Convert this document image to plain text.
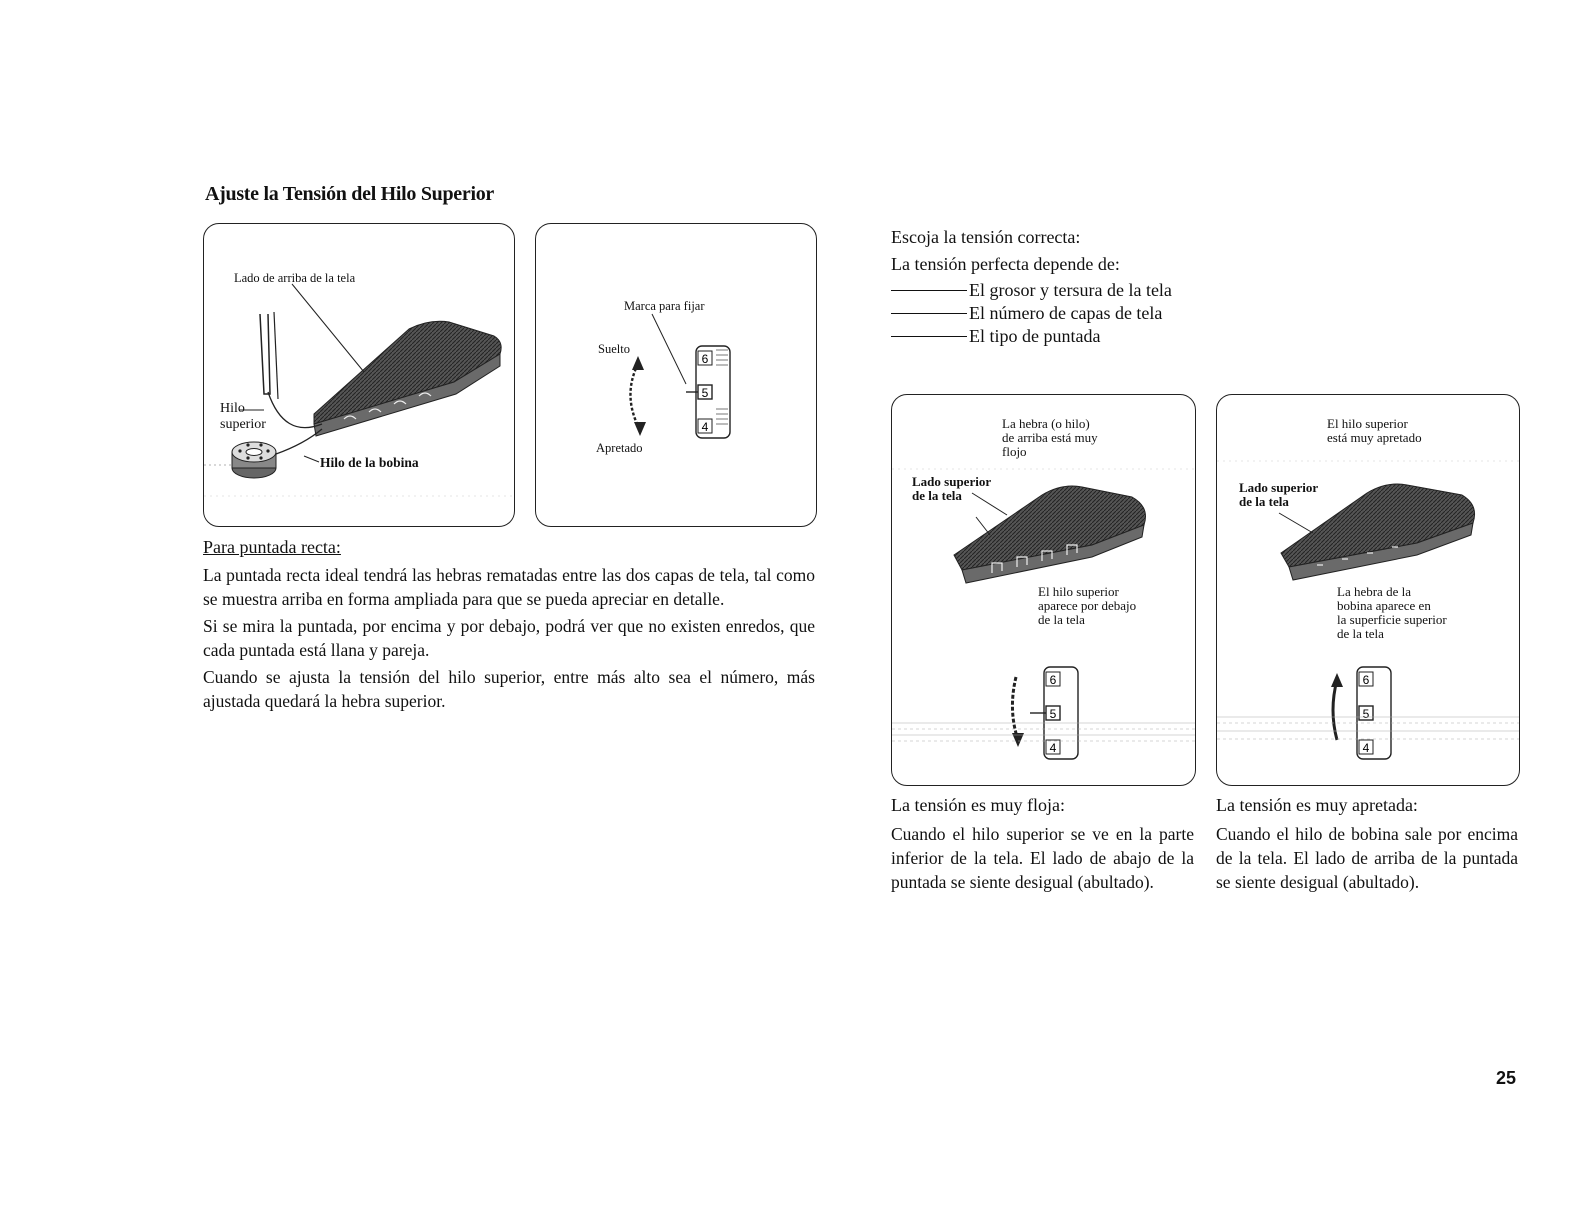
Ajuste la Tensión del Hilo Superior
Lado de arriba de la tela
Hilo
superior
Hilo de la bobina
6
5
4
Marca para fijar
Suelto
Apretado
Para puntada recta:

La puntada recta ideal tendrá las hebras rematadas entre las dos capas de tela, tal como se muestra arriba en forma ampliada para que se pueda apreciar en detalle.

Si se mira la puntada, por encima y por debajo, podrá ver que no existen enredos, que cada puntada está llana y pareja.

Cuando se ajusta la tensión del hilo superior, entre más alto sea el número, más ajustada quedará la hebra superior.

Escoja la tensión correcta:
La tensión perfecta depende de:
El grosor y tersura de la tela
El número de capas de tela
El tipo de puntada
6
5
4
La hebra (o hilo)
de arriba está muy
flojo
Lado superior
de la tela
El hilo superior
aparece por debajo
de la tela
6
5
4
El hilo superior
está muy apretado
Lado superior
de la tela
La hebra de la
bobina aparece en
la superficie superior
de la tela
La tensión es muy floja:

Cuando el hilo superior se ve en la parte inferior de la tela. El lado de abajo de la puntada se siente desigual (abultado).

La tensión es muy apretada:

Cuando el hilo de bobina sale por encima de la tela. El lado de arriba de la puntada se siente desigual (abultado).

25
